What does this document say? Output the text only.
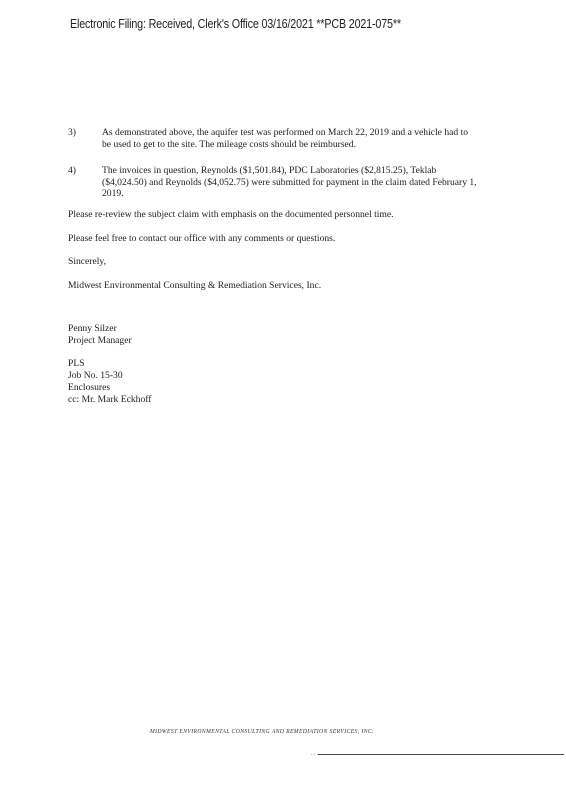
Electronic Filing: Received, Clerk's Office 03/16/2021 **PCB 2021-075**
3)	As demonstrated above, the aquifer test was performed on March 22, 2019 and a vehicle had to
be used to get to the site. The mileage costs should be reimbursed.
4)	The invoices in question, Reynolds ($1,501.84), PDC Laboratories ($2,815.25), Teklab
($4,024.50) and Reynolds ($4,052.75) were submitted for payment in the claim dated February 1,
2019.
Please re-review the subject claim with emphasis on the documented personnel time.
Please feel free to contact our office with any comments or questions.
Sincerely,
Midwest Environmental Consulting & Remediation Services, Inc.
Penny Silzer
Project Manager
PLS
Job No. 15-30
Enclosures
cc: Mr. Mark Eckhoff
MIDWEST ENVIRONMENTAL CONSULTING AND REMEDIATION SERVICES, INC.
. . .
